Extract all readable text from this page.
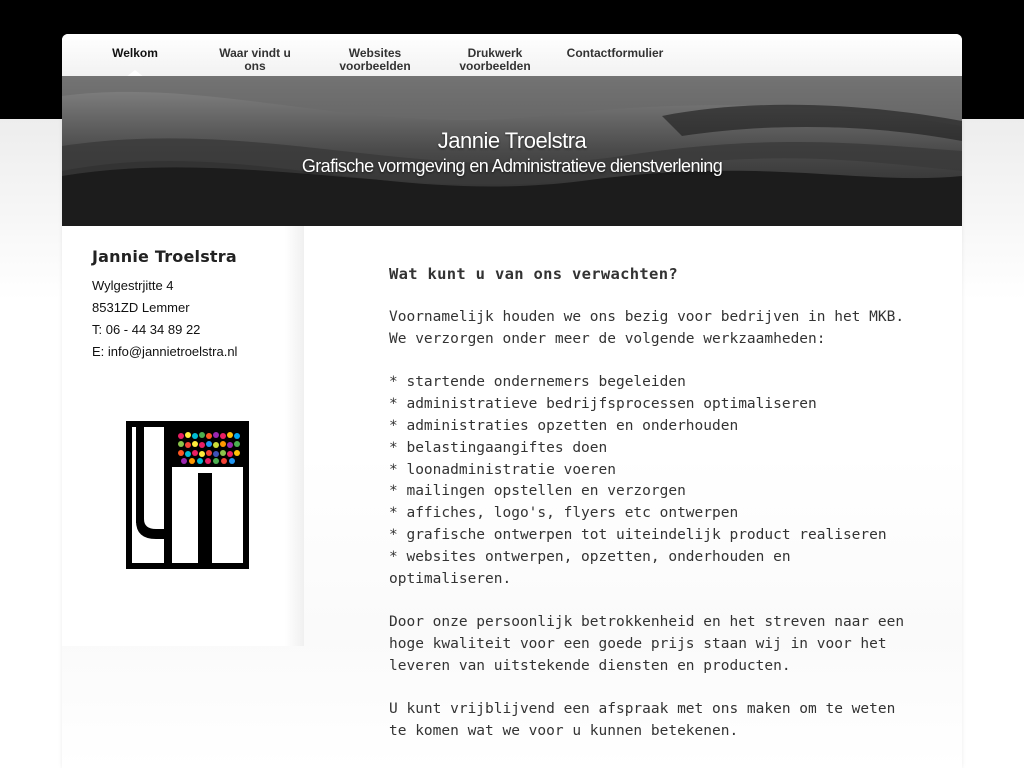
Welkom	Waar vindt u
ons
Websites
voorbeelden
Drukwerk
voorbeelden
Contactformulier
Jannie Troelstra
Grafische vormgeving en Administratieve dienstverlening
Jannie Troelstra
Wylgestrjitte 4
8531ZD Lemmer
T: 06 - 44 34 89 22
E: info@jannietroelstra.nl
Wat kunt u van ons verwachten?

Voornamelijk houden we ons bezig voor bedrijven in het MKB.
We verzorgen onder meer de volgende werkzaamheden:

* startende ondernemers begeleiden
* administratieve bedrijfsprocessen optimaliseren
* administraties opzetten en onderhouden
* belastingaangiftes doen
* loonadministratie voeren
* mailingen opstellen en verzorgen
* affiches, logo's, flyers etc ontwerpen
* grafische ontwerpen tot uiteindelijk product realiseren
* websites ontwerpen, opzetten, onderhouden en optimaliseren.

Door onze persoonlijk betrokkenheid en het streven naar een hoge kwaliteit voor een goede prijs staan wij in voor het leveren van uitstekende diensten en producten.

U kunt vrijblijvend een afspraak met ons maken om te weten te komen wat we voor u kunnen betekenen.
